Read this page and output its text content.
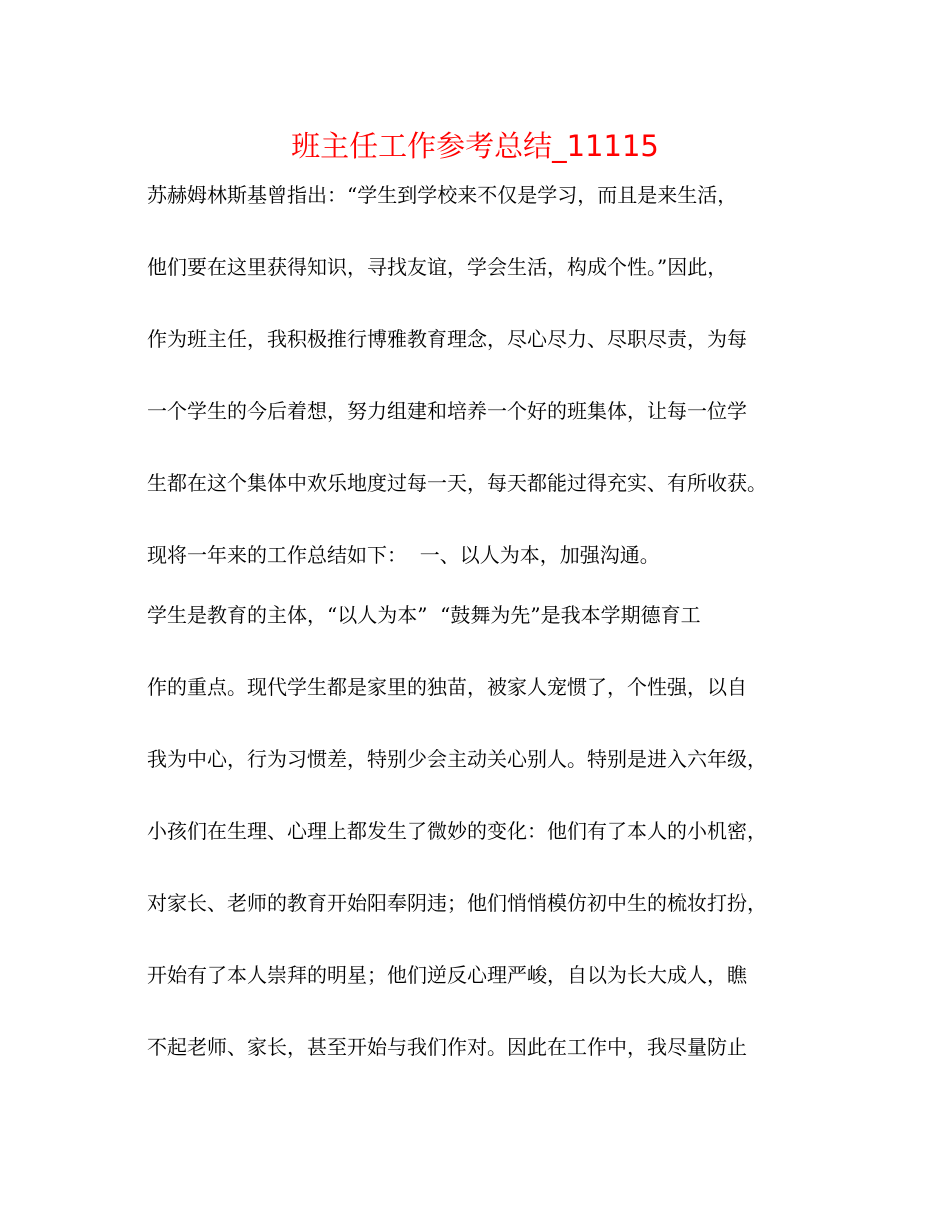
班主任工作参考总结_11115
苏赫姆林斯基曾指出：“学生到学校来不仅是学习，而且是来生活，
他们要在这里获得知识，寻找友谊，学会生活，构成个性。”因此，
作为班主任，我积极推行博雅教育理念，尽心尽力、尽职尽责，为每
一个学生的今后着想，努力组建和培养一个好的班集体，让每一位学
生都在这个集体中欢乐地度过每一天，每天都能过得充实、有所收获。
现将一年来的工作总结如下：  一、以人为本，加强沟通。
学生是教育的主体，“以人为本”  “鼓舞为先”是我本学期德育工
作的重点。现代学生都是家里的独苗，被家人宠惯了，个性强，以自
我为中心，行为习惯差，特别少会主动关心别人。特别是进入六年级，
小孩们在生理、心理上都发生了微妙的变化：他们有了本人的小机密，
对家长、老师的教育开始阳奉阴违；他们悄悄模仿初中生的梳妆打扮，
开始有了本人崇拜的明星；他们逆反心理严峻，自以为长大成人，瞧
不起老师、家长，甚至开始与我们作对。因此在工作中，我尽量防止
